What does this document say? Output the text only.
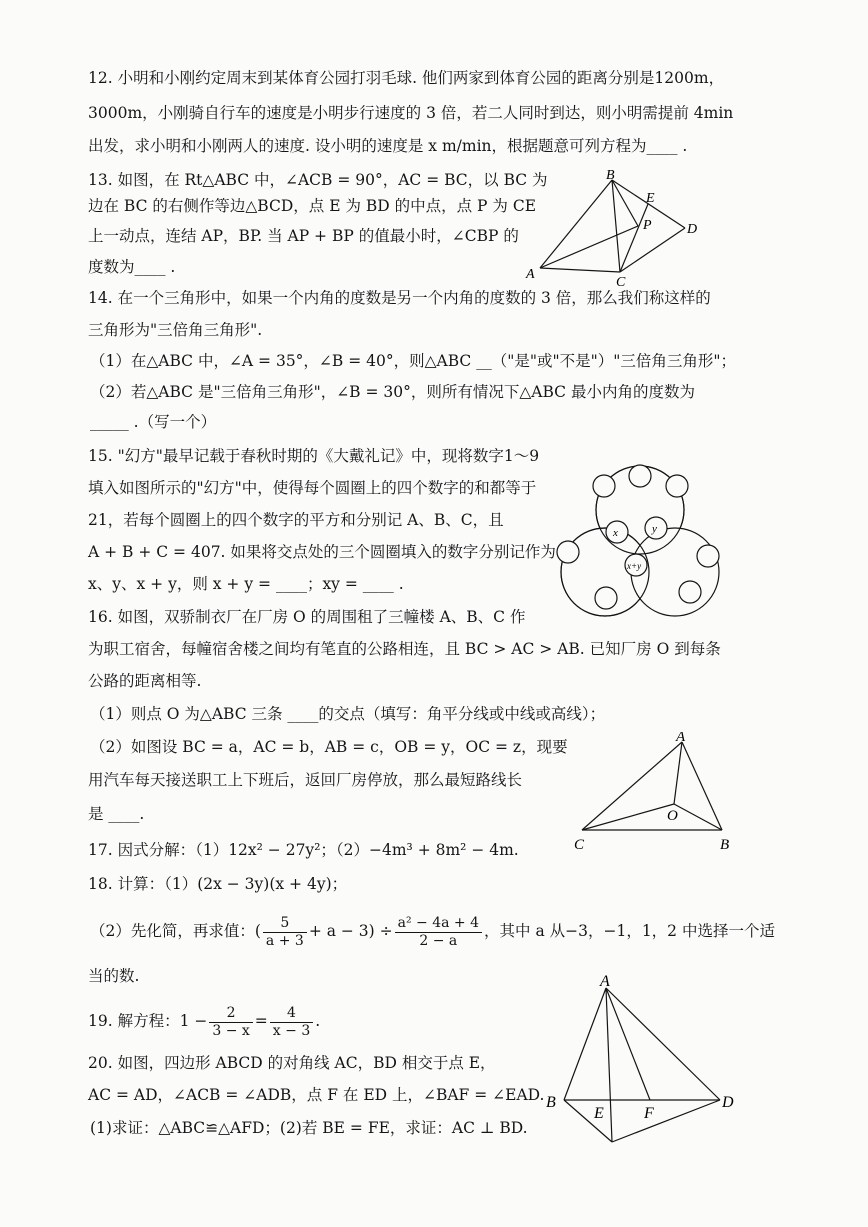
12. 小明和小刚约定周末到某体育公园打羽毛球. 他们两家到体育公园的距离分别是1200m，
3000m，小刚骑自行车的速度是小明步行速度的 3 倍，若二人同时到达，则小明需提前 4min
出发，求小明和小刚两人的速度. 设小明的速度是 x m/min，根据题意可列方程为____ .
13. 如图，在 Rt△ABC 中，∠ACB = 90°，AC = BC，以 BC 为
边在 BC 的右侧作等边△BCD，点 E 为 BD 的中点，点 P 为 CE
上一动点，连结 AP，BP. 当 AP + BP 的值最小时，∠CBP 的
度数为____ .
14. 在一个三角形中，如果一个内角的度数是另一个内角的度数的 3 倍，那么我们称这样的
三角形为"三倍角三角形".
（1）在△ABC 中，∠A = 35°，∠B = 40°，则△ABC __（"是"或"不是"）"三倍角三角形"；
（2）若△ABC 是"三倍角三角形"，∠B = 30°，则所有情况下△ABC 最小内角的度数为
_____ .（写一个）
15. "幻方"最早记载于春秋时期的《大戴礼记》中，现将数字1～9
填入如图所示的"幻方"中，使得每个圆圈上的四个数字的和都等于
21，若每个圆圈上的四个数字的平方和分别记 A、B、C，且
A + B + C = 407. 如果将交点处的三个圆圈填入的数字分别记作为
x、y、x + y，则 x + y = ____；xy = ____ .
16. 如图，双骄制衣厂在厂房 O 的周围租了三幢楼 A、B、C 作
为职工宿舍，每幢宿舍楼之间均有笔直的公路相连，且 BC > AC > AB. 已知厂房 O 到每条
公路的距离相等.
（1）则点 O 为△ABC 三条 ____的交点（填写：角平分线或中线或高线）；
（2）如图设 BC = a，AC = b，AB = c，OB = y，OC = z，现要
用汽车每天接送职工上下班后，返回厂房停放，那么最短路线长
是 ____.
17. 因式分解：（1）12x² − 27y²；（2）−4m³ + 8m² − 4m.
18. 计算：（1）(2x − 3y)(x + 4y)；
（2）先化简，再求值：( $\frac{5}{a + 3} + a - 3) \div \frac{\text{a² − 4a + 4}}{2 - a}$ ，其中 a 从−3，−1，1，2 中选择一个适
当的数.
19. 解方程：$1 - \frac{2}{3 - x} = \frac{4}{x - 3}$ .
20. 如图，四边形 ABCD 的对角线 AC，BD 相交于点 E，
AC = AD，∠ACB = ∠ADB，点 F 在 ED 上，∠BAF = ∠EAD.
(1)求证：△ABC≌△AFD；(2)若 BE = FE，求证：AC ⊥ BD.
B
E
P	D
A
C
x	y
x+y
A
O
C	B
A
B
E	F
D
